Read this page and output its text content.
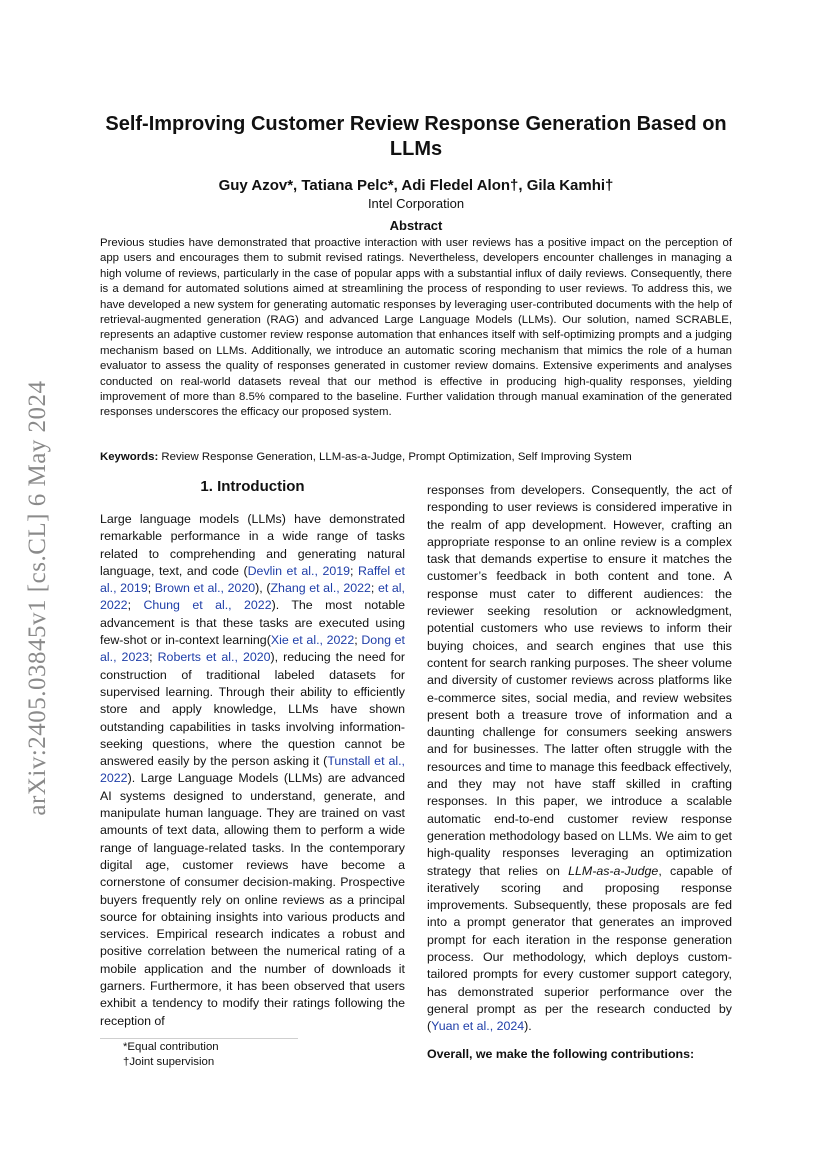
arXiv:2405.03845v1 [cs.CL] 6 May 2024
Self-Improving Customer Review Response Generation Based on LLMs
Guy Azov*, Tatiana Pelc*, Adi Fledel Alon†, Gila Kamhi†
Intel Corporation
Abstract

Previous studies have demonstrated that proactive interaction with user reviews has a positive impact on the perception of app users and encourages them to submit revised ratings. Nevertheless, developers encounter challenges in managing a high volume of reviews, particularly in the case of popular apps with a substantial influx of daily reviews. Consequently, there is a demand for automated solutions aimed at streamlining the process of responding to user reviews. To address this, we have developed a new system for generating automatic responses by leveraging user-contributed documents with the help of retrieval-augmented generation (RAG) and advanced Large Language Models (LLMs). Our solution, named SCRABLE, represents an adaptive customer review response automation that enhances itself with self-optimizing prompts and a judging mechanism based on LLMs. Additionally, we introduce an automatic scoring mechanism that mimics the role of a human evaluator to assess the quality of responses generated in customer review domains. Extensive experiments and analyses conducted on real-world datasets reveal that our method is effective in producing high-quality responses, yielding improvement of more than 8.5% compared to the baseline. Further validation through manual examination of the generated responses underscores the efficacy our proposed system.

Keywords: Review Response Generation, LLM-as-a-Judge, Prompt Optimization, Self Improving System
1. Introduction

Large language models (LLMs) have demonstrated remarkable performance in a wide range of tasks related to comprehending and generating natural language, text, and code (Devlin et al., 2019; Raffel et al., 2019; Brown et al., 2020), (Zhang et al., 2022; et al, 2022; Chung et al., 2022). The most notable advancement is that these tasks are executed using few-shot or in-context learning(Xie et al., 2022; Dong et al., 2023; Roberts et al., 2020), reducing the need for construction of traditional labeled datasets for supervised learning. Through their ability to efficiently store and apply knowledge, LLMs have shown outstanding capabilities in tasks involving information-seeking questions, where the question cannot be answered easily by the person asking it (Tunstall et al., 2022). Large Language Models (LLMs) are advanced AI systems designed to understand, generate, and manipulate human language. They are trained on vast amounts of text data, allowing them to perform a wide range of language-related tasks. In the contemporary digital age, customer reviews have become a cornerstone of consumer decision-making. Prospective buyers frequently rely on online reviews as a principal source for obtaining insights into various products and services. Empirical research indicates a robust and positive correlation between the numerical rating of a mobile application and the number of downloads it garners. Furthermore, it has been observed that users exhibit a tendency to modify their ratings following the reception of

responses from developers. Consequently, the act of responding to user reviews is considered imperative in the realm of app development. However, crafting an appropriate response to an online review is a complex task that demands expertise to ensure it matches the customer’s feedback in both content and tone. A response must cater to different audiences: the reviewer seeking resolution or acknowledgment, potential customers who use reviews to inform their buying choices, and search engines that use this content for search ranking purposes. The sheer volume and diversity of customer reviews across platforms like e-commerce sites, social media, and review websites present both a treasure trove of information and a daunting challenge for consumers seeking answers and for businesses. The latter often struggle with the resources and time to manage this feedback effectively, and they may not have staff skilled in crafting responses. In this paper, we introduce a scalable automatic end-to-end customer review response generation methodology based on LLMs. We aim to get high-quality responses leveraging an optimization strategy that relies on LLM-as-a-Judge, capable of iteratively scoring and proposing response improvements. Subsequently, these proposals are fed into a prompt generator that generates an improved prompt for each iteration in the response generation process. Our methodology, which deploys custom-tailored prompts for every customer support category, has demonstrated superior performance over the general prompt as per the research conducted by (Yuan et al., 2024).

*Equal contribution
†Joint supervision
Overall, we make the following contributions:
